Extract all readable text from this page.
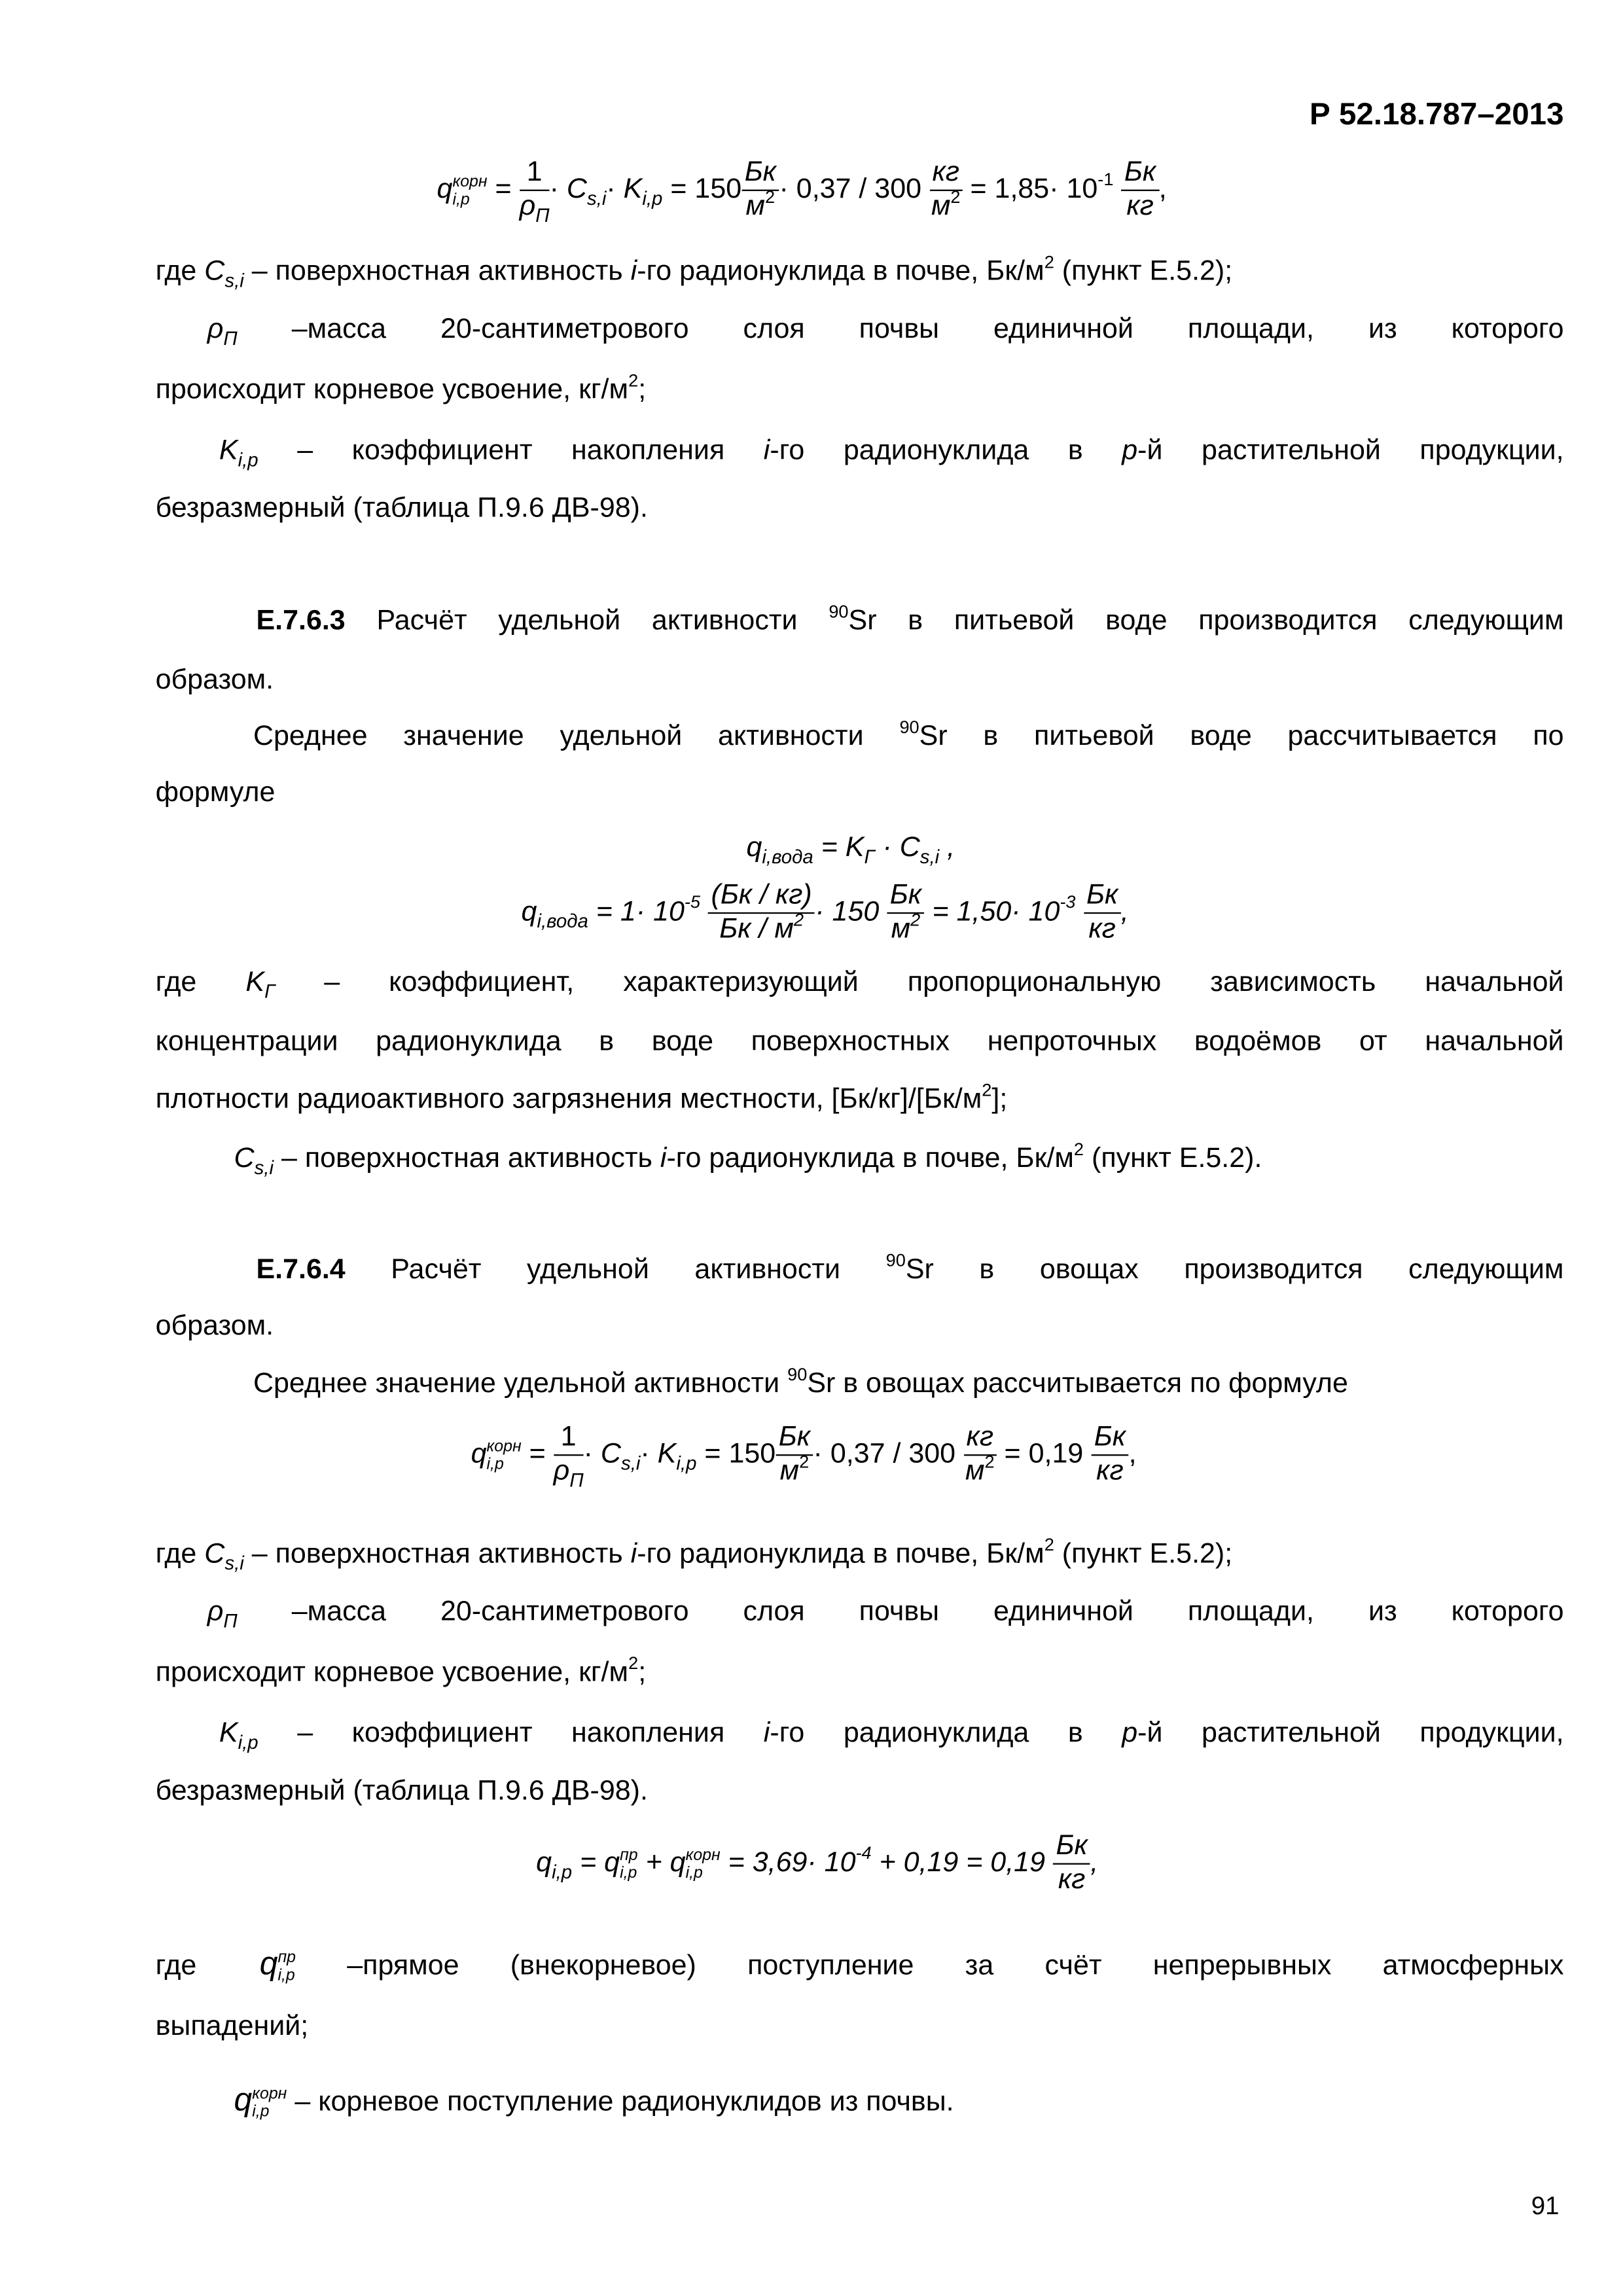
Р 52.18.787–2013
q корн
i,p	= $\frac{1}{\rho_П} \cdot C_{s,i}\cdot K_{i,p} = 150 \frac{Бк}{м^2} \cdot 0,37 / 300 \frac{кг}{м^2} = 1,85\cdot 10^{-1} \frac{Бк}{кг}$ ,
где $C_{s,i}$ – поверхностная активность i-го радионуклида в почве, $Бк/м^2$ (пункт Е.5.2);
$\rho_П$	–масса 20-сантиметрового слоя почвы единичной площади, из которого
происходит корневое усвоение, $кг/м^2$;
$K_{i,p}$	– коэффициент накопления	i-го радионуклида в	p-й растительной продукции,
безразмерный (таблица П.9.6 ДВ-98).
Е.7.6.3	Расчёт удельной активности	$^{90}$Sr в питьевой воде производится следующим
образом.
Среднее значение удельной активности	$^{90}$Sr в питьевой воде рассчитывается по
формуле
$q_{i,вода} = K_Г \cdot C_{s,i}$ ,
$q_{i,вода} = 1\cdot 10^{-5} \frac{(Бк / кг)}{Бк / м^2} \cdot 150 \frac{Бк}{м^2} = 1,50\cdot 10^{-3} \frac{Бк}{кг}$ ,
где	$K_Г$	– коэффициент, характеризующий пропорциональную зависимость начальной
концентрации радионуклида в воде поверхностных непроточных водоёмов от начальной
плотности радиоактивного загрязнения местности, $[Бк/кг]/[Бк/м^2]$;
$C_{s,i}$ – поверхностная активность i-го радионуклида в почве, $Бк/м^2$ (пункт Е.5.2).
Е.7.6.4	Расчёт удельной активности	$^{90}$Sr в овощах производится следующим
образом.
Среднее значение удельной активности $^{90}$Sr в овощах рассчитывается по формуле
q корн
i,p	= $\frac{1}{\rho_П} \cdot C_{s,i}\cdot K_{i,p} = 150 \frac{Бк}{м^2} \cdot 0,37 / 300 \frac{кг}{м^2} = 0,19 \frac{Бк}{кг}$ ,
где $C_{s,i}$ – поверхностная активность i-го радионуклида в почве, $Бк/м^2$ (пункт Е.5.2);
$\rho_П$	–масса 20-сантиметрового слоя почвы единичной площади, из которого
происходит корневое усвоение, $кг/м^2$;
$K_{i,p}$	– коэффициент накопления	i-го радионуклида в	p-й растительной продукции,
безразмерный (таблица П.9.6 ДВ-98).
$q_{i,p} = q$ пр
i,p + q корн
i,p	= $3,69\cdot 10^{-4} + 0,19 = 0,19 \frac{Бк}{кг}$ ,
где	q пр
i,p	–прямое (внекорневое) поступление за счёт непрерывных атмосферных
выпадений;
q корн
i,p	– корневое поступление радионуклидов из почвы.
91
